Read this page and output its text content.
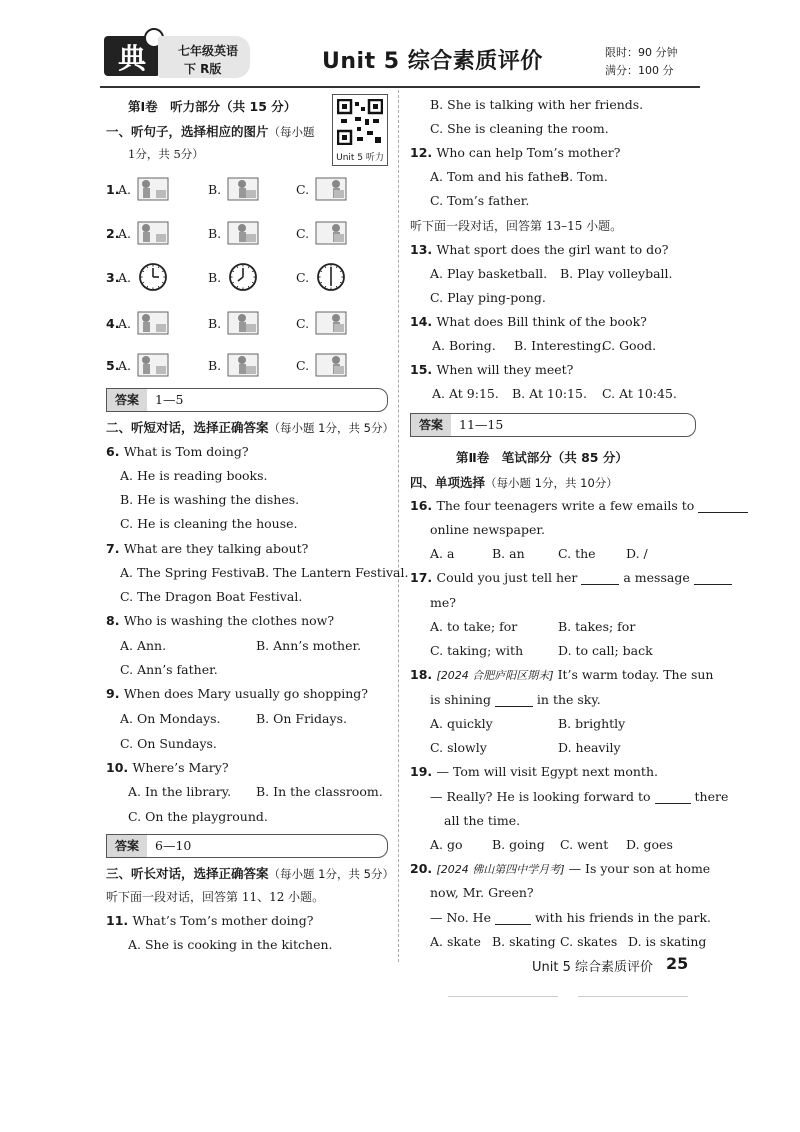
典	七年级英语
下 R版	Unit 5 综合素质评价	限时：90 分钟
满分：100 分
Unit 5 听力
第Ⅰ卷　听力部分（共 15 分）
一、听句子，选择相应的图片（每小题
1分，共 5分）
1.
A.	B.	C.
2.
A.	B.	C.
3.
A.	B.	C.
4.
A.	B.	C.
5.
A.	B.	C.
答案	1—5
二、听短对话，选择正确答案（每小题 1分，共 5分）
6. What is Tom doing?
A. He is reading books.
B. He is washing the dishes.
C. He is cleaning the house.
7. What are they talking about?
A. The Spring Festival.
B. The Lantern Festival.
C. The Dragon Boat Festival.
8. Who is washing the clothes now?
A. Ann.	B. Ann’s mother.
C. Ann’s father.
9. When does Mary usually go shopping?
A. On Mondays.	B. On Fridays.
C. On Sundays.
10. Where’s Mary?
A. In the library. B. In the classroom.
C. On the playground.
答案	6—10
三、听长对话，选择正确答案（每小题 1分，共 5分）
听下面一段对话，回答第 11、12 小题。
11. What’s Tom’s mother doing?
A. She is cooking in the kitchen.
B. She is talking with her friends.
C. She is cleaning the room.
12. Who can help Tom’s mother?
A. Tom and his father.
B. Tom.
C. Tom’s father.
听下面一段对话，回答第 13–15 小题。
13. What sport does the girl want to do?
A. Play basketball. B. Play volleyball.
C. Play ping-pong.
14. What does Bill think of the book?
A. Boring. B. Interesting.
C. Good.
15. When will they meet?
A. At 9:15. B. At 10:15. C. At 10:45.
答案	11—15
第Ⅱ卷　笔试部分（共 85 分）
四、单项选择（每小题 1分，共 10分）
16. The four teenagers write a few emails to
online newspaper.
A. a	B. an	C. the D. /
17. Could you just tell her	a message
me?
A. to take; for	B. takes; for
C. taking; with	D. to call; back
18. [2024 合肥庐阳区期末] It’s warm today. The sun
is shining	in the sky.
A. quickly	B. brightly
C. slowly	D. heavily
19. — Tom will visit Egypt next month.
— Really? He is looking forward to	there
all the time.
A. go B. going C. went D. goes
20. [2024 佛山第四中学月考] — Is your son at home
now, Mr. Green?
— No. He	with his friends in the park.
A. skate B. skating C. skates D. is skating
Unit 5 综合素质评价 25
